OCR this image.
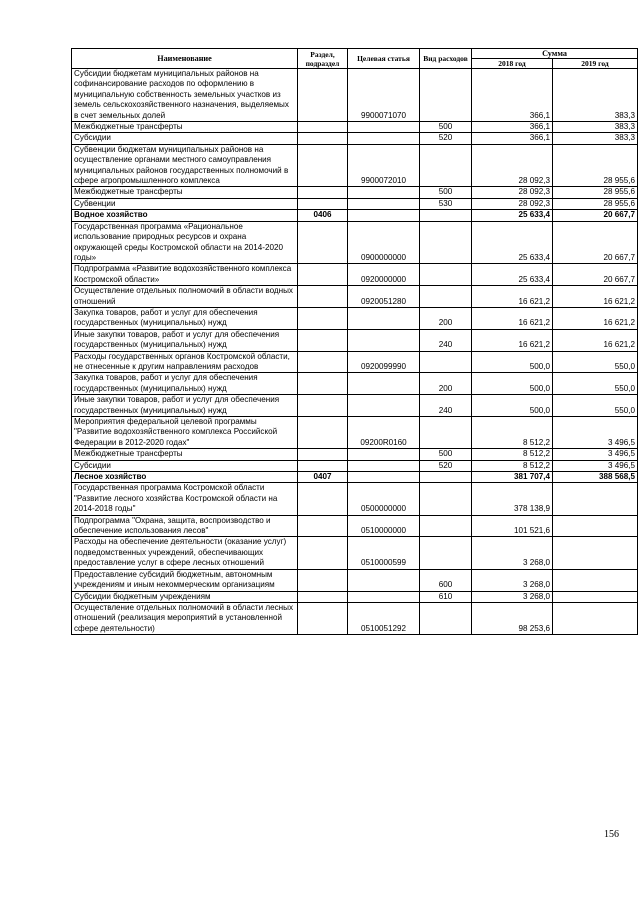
Наименование	Раздел, подраздел	Целевая статья	Вид расходов	Сумма	
				2018 год	2019 год
Субсидии бюджетам муниципальных районов на софинансирование расходов по оформлению в муниципальную собственность земельных участков из земель сельскохозяйственного назначения, выделяемых в счет земельных долей		9900071070		366,1	383,3
Межбюджетные трансферты			500	366,1	383,3
Субсидии			520	366,1	383,3
Субвенции бюджетам муниципальных районов на осуществление органами местного самоуправления муниципальных районов государственных полномочий в сфере агропромышленного комплекса		9900072010		28 092,3	28 955,6
Межбюджетные трансферты			500	28 092,3	28 955,6
Субвенции			530	28 092,3	28 955,6
Водное хозяйство	0406			25 633,4	20 667,7
Государственная программа «Рациональное использование природных ресурсов и охрана окружающей среды Костромской области на 2014-2020 годы»		0900000000		25 633,4	20 667,7
Подпрограмма «Развитие водохозяйственного комплекса Костромской области»		0920000000		25 633,4	20 667,7
Осуществление отдельных полномочий в области водных отношений		0920051280		16 621,2	16 621,2
Закупка товаров, работ и услуг для обеспечения государственных (муниципальных) нужд			200	16 621,2	16 621,2
Иные закупки товаров, работ и услуг для обеспечения государственных (муниципальных) нужд			240	16 621,2	16 621,2
Расходы государственных органов Костромской области, не отнесенные к другим направлениям расходов		0920099990		500,0	550,0
Закупка товаров, работ и услуг для обеспечения государственных (муниципальных) нужд			200	500,0	550,0
Иные закупки товаров, работ и услуг для обеспечения государственных (муниципальных) нужд			240	500,0	550,0
Мероприятия федеральной целевой программы "Развитие водохозяйственного комплекса Российской Федерации в 2012-2020 годах"		09200R0160		8 512,2	3 496,5
Межбюджетные трансферты			500	8 512,2	3 496,5
Субсидии			520	8 512,2	3 496,5
Лесное хозяйство	0407			381 707,4	388 568,5
Государственная программа Костромской области "Развитие лесного хозяйства Костромской области на 2014-2018 годы"		0500000000		378 138,9	
Подпрограмма "Охрана, защита, воспроизводство и обеспечение использования лесов"		0510000000		101 521,6	
Расходы на обеспечение деятельности (оказание услуг) подведомственных учреждений, обеспечивающих предоставление услуг в сфере лесных отношений		0510000599		3 268,0	
Предоставление субсидий бюджетным, автономным учреждениям и иным некоммерческим организациям			600	3 268,0	
Субсидии бюджетным учреждениям			610	3 268,0	
Осуществление отдельных полномочий в области лесных отношений (реализация мероприятий в установленной сфере деятельности)		0510051292		98 253,6	
156
